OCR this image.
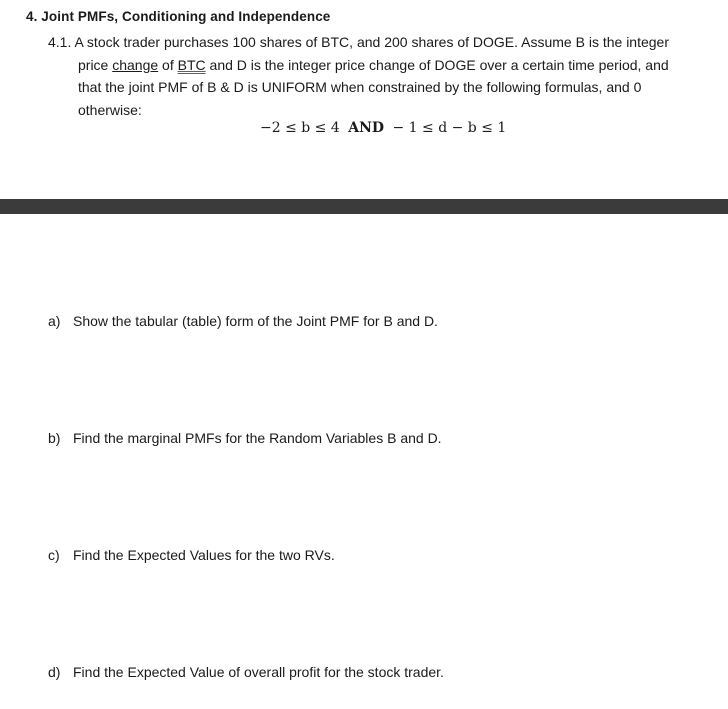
4. Joint PMFs, Conditioning and Independence
4.1. A stock trader purchases 100 shares of BTC, and 200 shares of DOGE. Assume B is the integer
price change of BTC and D is the integer price change of DOGE over a certain time period, and
that the joint PMF of B & D is UNIFORM when constrained by the following formulas, and 0
otherwise:
−2 ≤ b ≤ 4 AND − 1 ≤ d − b ≤ 1
a) Show the tabular (table) form of the Joint PMF for B and D.
b) Find the marginal PMFs for the Random Variables B and D.
c) Find the Expected Values for the two RVs.
d) Find the Expected Value of overall profit for the stock trader.
